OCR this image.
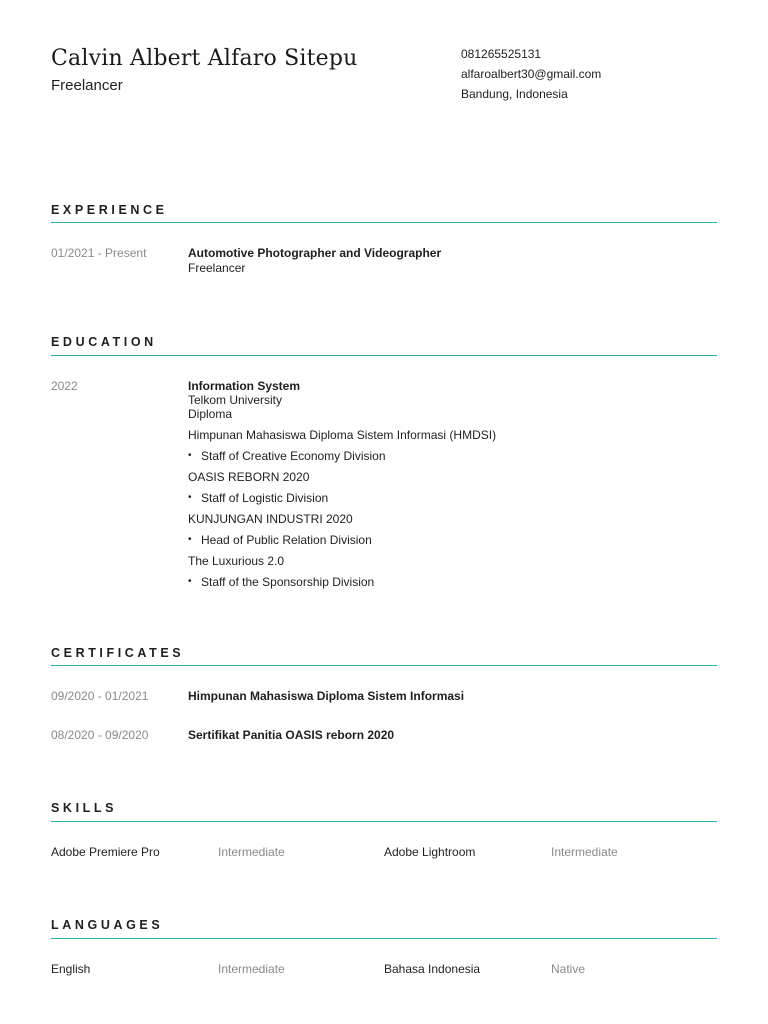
Calvin Albert Alfaro Sitepu
Freelancer
081265525131
alfaroalbert30@gmail.com
Bandung, Indonesia
EXPERIENCE
01/2021 - Present	Automotive Photographer and Videographer
Freelancer
EDUCATION
2022	Information System
Telkom University
Diploma
Himpunan Mahasiswa Diploma Sistem Informasi (HMDSI)
• Staff of Creative Economy Division
OASIS REBORN 2020
• Staff of Logistic Division
KUNJUNGAN INDUSTRI 2020
• Head of Public Relation Division
The Luxurious 2.0
• Staff of the Sponsorship Division
CERTIFICATES
09/2020 - 01/2021	Himpunan Mahasiswa Diploma Sistem Informasi
08/2020 - 09/2020	Sertifikat Panitia OASIS reborn 2020
SKILLS
Adobe Premiere Pro	Intermediate	Adobe Lightroom	Intermediate
LANGUAGES
English	Intermediate	Bahasa Indonesia	Native
